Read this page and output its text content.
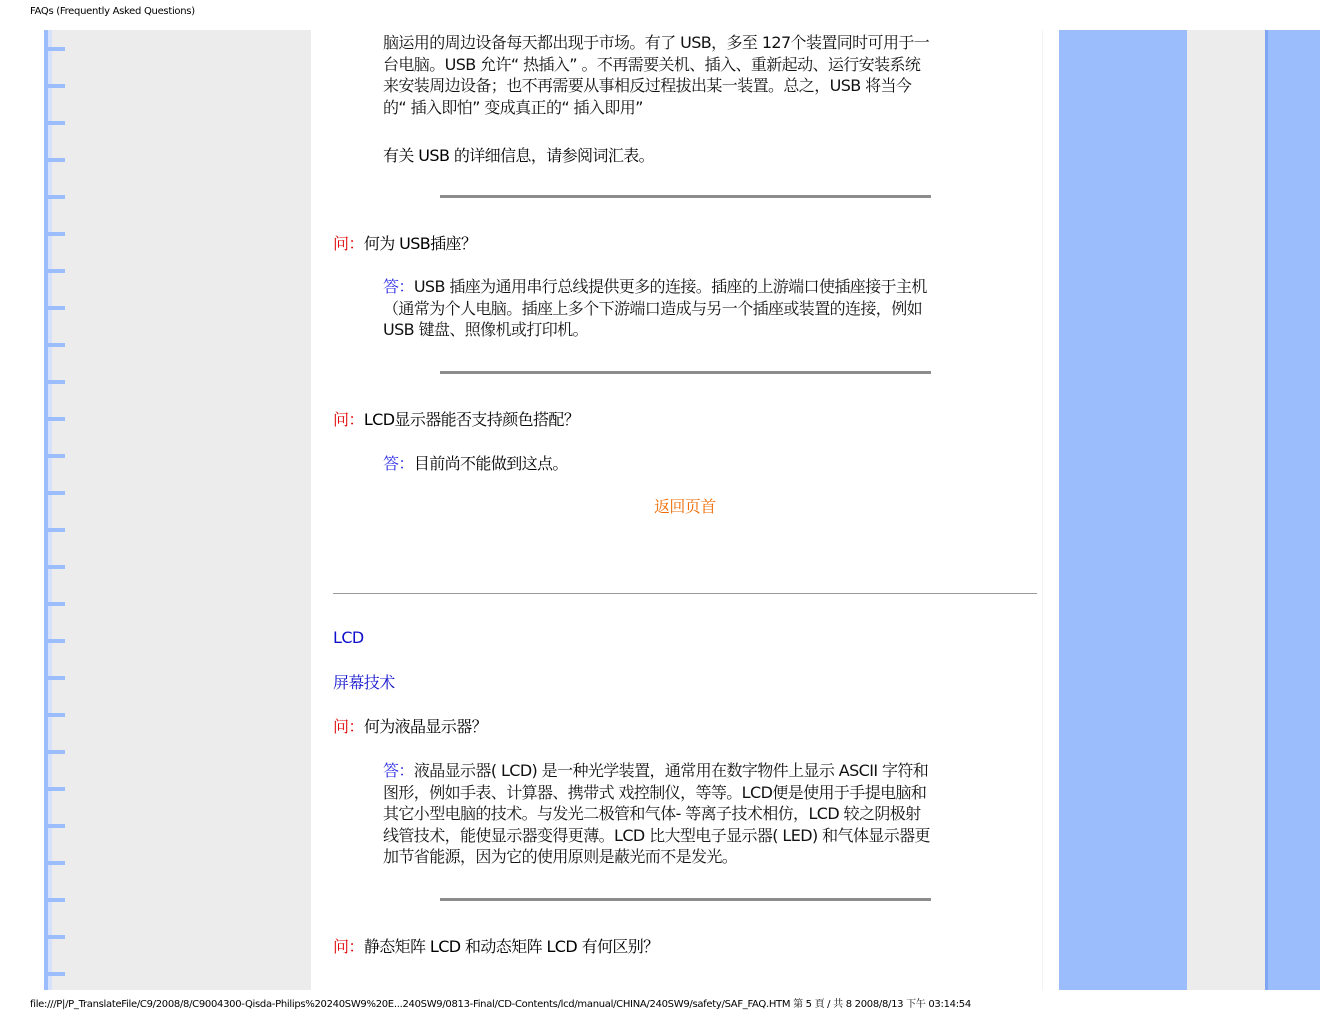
FAQs (Frequently Asked Questions)

脑运用的周边设备每天都出现于市场。有了 USB，多至 127个装置同时可用于一

台电脑。USB 允许“ 热插入” 。不再需要关机、插入、重新起动、运行安装系统

来安装周边设备；也不再需要从事相反过程拔出某一装置。总之，USB 将当今

的“ 插入即怕” 变成真正的“ 插入即用”

有关 USB 的详细信息，请参阅词汇表。
问：何为 USB插座？

答：USB 插座为通用串行总线提供更多的连接。插座的上游端口使插座接于主机

（通常为个人电脑。插座上多个下游端口造成与另一个插座或装置的连接，例如

USB 键盘、照像机或打印机。

问：LCD显示器能否支持颜色搭配？
答：目前尚不能做到这点。
返回页首
LCD
屏幕技术
问：何为液晶显示器？

答：液晶显示器( LCD) 是一种光学装置，通常用在数字物件上显示 ASCII 字符和

图形，例如手表、计算器、携带式 戏控制仪，等等。LCD便是使用于手提电脑和

其它小型电脑的技术。与发光二极管和气体- 等离子技术相仿，LCD 较之阴极射

线管技术，能使显示器变得更薄。LCD 比大型电子显示器( LED) 和气体显示器更

加节省能源，因为它的使用原则是蔽光而不是发光。

问：静态矩阵 LCD 和动态矩阵 LCD 有何区别？
file:///P|/P_TranslateFile/C9/2008/8/C9004300-Qisda-Philips%20240SW9%20E...240SW9/0813-Final/CD-Contents/lcd/manual/CHINA/240SW9/safety/SAF_FAQ.HTM 第 5 頁 / 共 8 2008/8/13 下午 03:14:54
